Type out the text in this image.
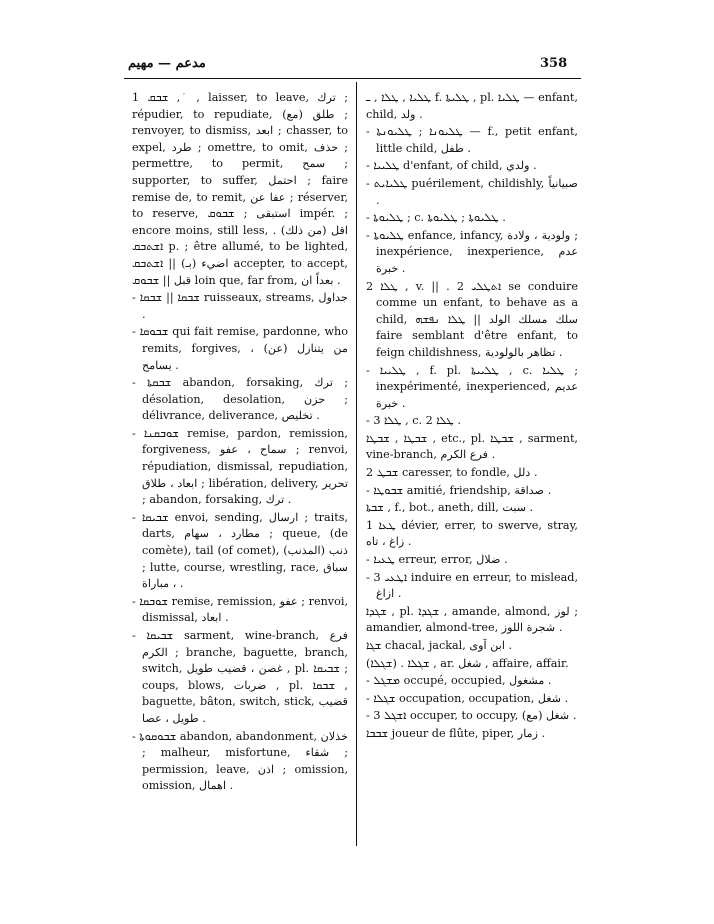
مدعم — مهيم	358

1 ܫܒܩ , ܿ , laisser, to leave, ترك ; répudier, to repudiate, طلق (مع) ; renvoyer, to dismiss, ابعد ; chasser, to expel, طرد ; omettre, to omit, حذف ; permettre, to permit, سمح ; supporter, to suffer, احتمل ; faire remise de, to remit, عفا عن ; réserver, to reserve, استبقى ; ܫܒܘܩ impér. ; encore moins, still less, اقل (من ذلك) . ܐܫܬܒܩ p. ; être allumé, to be lighted, اضيء (بـ) || ܐܫܬܒܩ accepter, to accept, قبل || ܫܒܘܩ loin que, far from, بعداً ان .

- ܫܒܩܐ || ܫܒܩܐ ruisseaux, streams, جداول .

- ܫܒܘܩܐ qui fait remise, pardonne, who remits, forgives, من يتنازل (عن) ، يسامح .

- ܫܒܩܬܐ abandon, forsaking, ترك ; désolation, desolation, حزن ; délivrance, deliverance, تخليص .

- ܫܘܒܩܢܐ remise, pardon, remission, forgiveness, سماح ، عفو ; renvoi, répudiation, dismissal, repudiation, ابعاد ، طلاق ; libération, delivery, تحرير ; abandon, forsaking, ترك .

- ܫܒܝܩܐ envoi, sending, ارسال ; traits, darts, مطارد ، سهام ; queue, (de comète), tail (of comet), ذنب (المذنب) ; lutte, course, wrestling, race, سباق ، مباراة .

- ܫܘܒܩܐ remise, remission, عفو ; renvoi, dismissal, ابعاد .

- ܫܒܝܩܐ sarment, wine-branch, فرع الكرم ; branche, baguette, branch, switch, غصن ، قضيب طويل , pl. ܫܒܝܩܐ ; coups, blows, ضربات , pl. ܫܒܩܐ , baguette, bâton, switch, stick, قضيب طويل ، عصا .

- ܫܒܘܩܘܬܐ abandon, abandonment, خذلان ; malheur, misfortune, شقاء ; permission, leave, اذن ; omission, omission, اهمال .

ܛܠܝܐ , ܛܠܐ , ـ f. ܛܠܝܬܐ , pl. ܛܠܝܐ — enfant, child, ولد .

- ܛܠܝܘܢܐ ; ܛܠܝܘܢܬܐ — f., petit enfant, little child, طفل .

- ܛܠܝܝܐ d'enfant, of child, ولدي .

- ܛܠܝܐܝܬ puérilement, childishly, صبيانياً .

- ܛܠܝܘܬܐ ; c. ܛܠܝܘܬܐ ; ܛܠܝܘܬܐ .

- ܛܠܝܘܬܐ enfance, infancy, ولودية ، ولادة ; inexpérience, inexperience, عدم خبرة .

2 ܛܠܐ , v. || . 2 ܐܬܛܠܝ se conduire comme un enfant, to behave as a child, سلك مسلك الولد || ܛܠܐ ܢܦܫܗ faire semblant d'être enfant, to feign childishness, تظاهر بالولودية .

- ܛܠܝܝܐ , f. pl. ܛܠܝܝܬܐ , c. ܛܠܝܐ ; inexpérimenté, inexperienced, عديم خبرة .

- 3 ܛܠܐ , c. 2 ܛܠܐ .

ܫܒܛܐ , ܫܒܛܐ , etc., pl. ܫܒܛܐ , sarment, vine-branch, فرع الكرم .

2 ܫܒܛ caresser, to fondle, دلل .

- ܫܒܘܛܐ amitié, friendship, صداقة .

ܫܒܬܐ , f., bot., aneth, dill, سبت .

1 ܛܥܐ dévier, errer, to swerve, stray, زاغ ، تاه .

- ܛܥܝܐ erreur, error, ضلال .

- 3 ܐܛܥܝ induire en erreur, to mislead, ازاغ .

ܫܓܕܐ , pl. ܫܓܕܐ , amande, almond, لوز ; amandier, almond-tree, شجرة اللوز .

ܫܓܐ chacal, jackal, ابن آوى .

(ܫܓܠܐ) . ܫܓܠܐ , ar. شغل , affaire, affair.

- ܡܫܓܠ occupé, occupied, مشغول .

- ܫܓܠܐ occupation, occupation, شغل .

- 3 ܐܫܓܠ occuper, to occupy, شغل (مع) .

ܫܒܒܐ joueur de flûte, piper, زمار .
